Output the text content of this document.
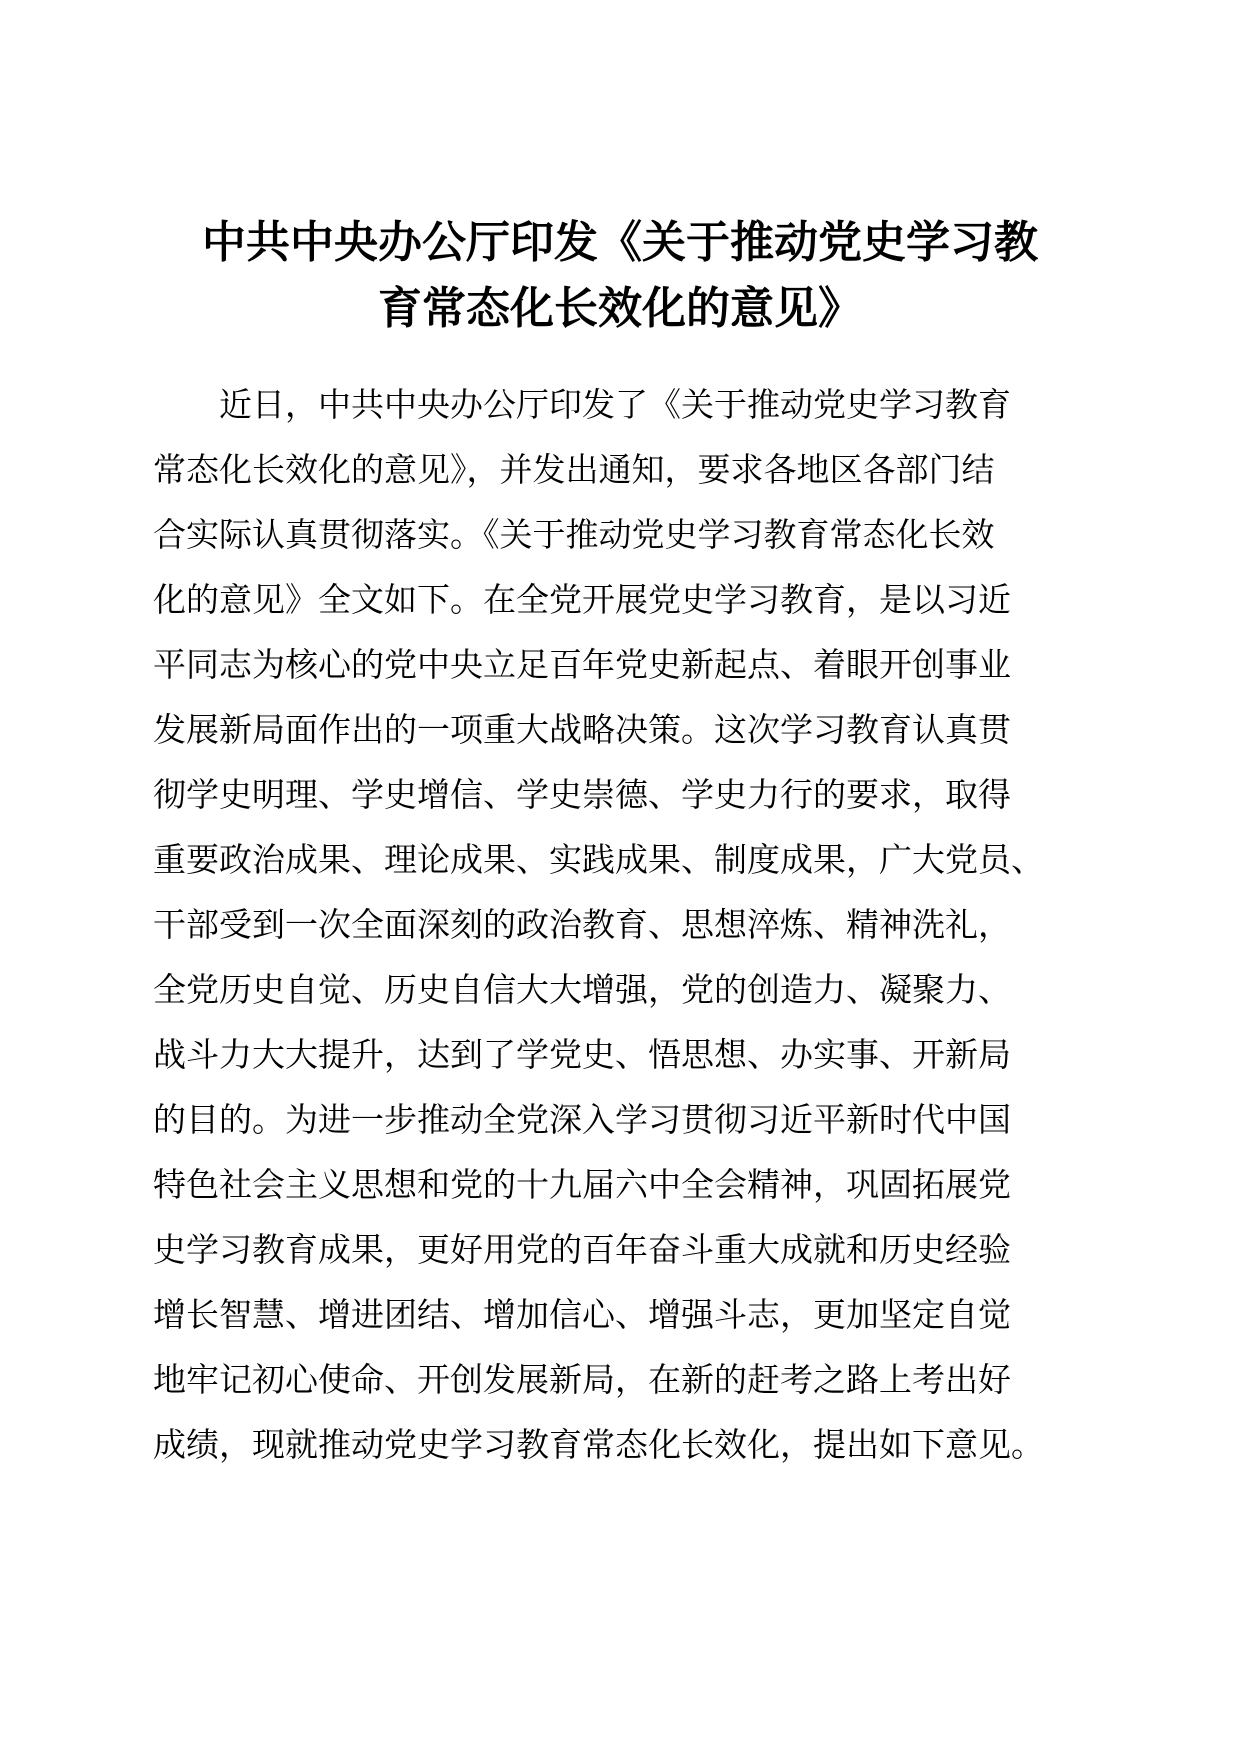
中共中央办公厅印发《关于推动党史学习教
育常态化长效化的意见》
　　近日，中共中央办公厅印发了《关于推动党史学习教育
常态化长效化的意见》，并发出通知，要求各地区各部门结
合实际认真贯彻落实。《关于推动党史学习教育常态化长效
化的意见》全文如下。在全党开展党史学习教育，是以习近
平同志为核心的党中央立足百年党史新起点、着眼开创事业
发展新局面作出的一项重大战略决策。这次学习教育认真贯
彻学史明理、学史增信、学史崇德、学史力行的要求，取得
重要政治成果、理论成果、实践成果、制度成果，广大党员、
干部受到一次全面深刻的政治教育、思想淬炼、精神洗礼，
全党历史自觉、历史自信大大增强，党的创造力、凝聚力、
战斗力大大提升，达到了学党史、悟思想、办实事、开新局
的目的。为进一步推动全党深入学习贯彻习近平新时代中国
特色社会主义思想和党的十九届六中全会精神，巩固拓展党
史学习教育成果，更好用党的百年奋斗重大成就和历史经验
增长智慧、增进团结、增加信心、增强斗志，更加坚定自觉
地牢记初心使命、开创发展新局，在新的赶考之路上考出好
成绩，现就推动党史学习教育常态化长效化，提出如下意见。
